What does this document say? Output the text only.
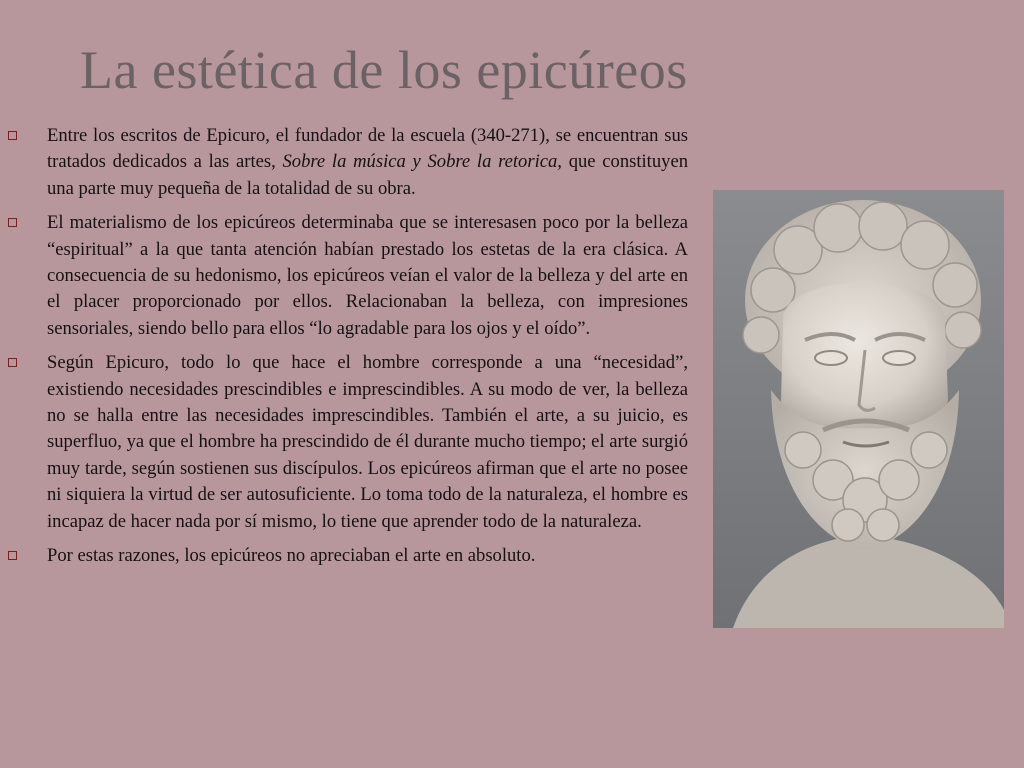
La estética de los epicúreos
Entre los escritos de Epicuro, el fundador de la escuela (340-271), se encuentran sus tratados dedicados a las artes, Sobre la música y Sobre la retorica, que constituyen una parte muy pequeña de la totalidad de su obra.
El materialismo de los epicúreos determinaba que se interesasen poco por la belleza “espiritual” a la que tanta atención habían prestado los estetas de la era clásica. A consecuencia de su hedonismo, los epicúreos veían el valor de la belleza y del arte en el placer proporcionado por ellos. Relacionaban la belleza, con impresiones sensoriales, siendo bello para ellos “lo agradable para los ojos y el oído”.
Según Epicuro, todo lo que hace el hombre corresponde a una “necesidad”, existiendo necesidades prescindibles e imprescindibles. A su modo de ver, la belleza no se halla entre las necesidades imprescindibles. También el arte, a su juicio, es superfluo, ya que el hombre ha prescindido de él durante mucho tiempo; el arte surgió muy tarde, según sostienen sus discípulos. Los epicúreos afirman que el arte no posee ni siquiera la virtud de ser autosuficiente. Lo toma todo de la naturaleza, el hombre es incapaz de hacer nada por sí mismo, lo tiene que aprender todo de la naturaleza.
Por estas razones, los epicúreos no apreciaban el arte en absoluto.
